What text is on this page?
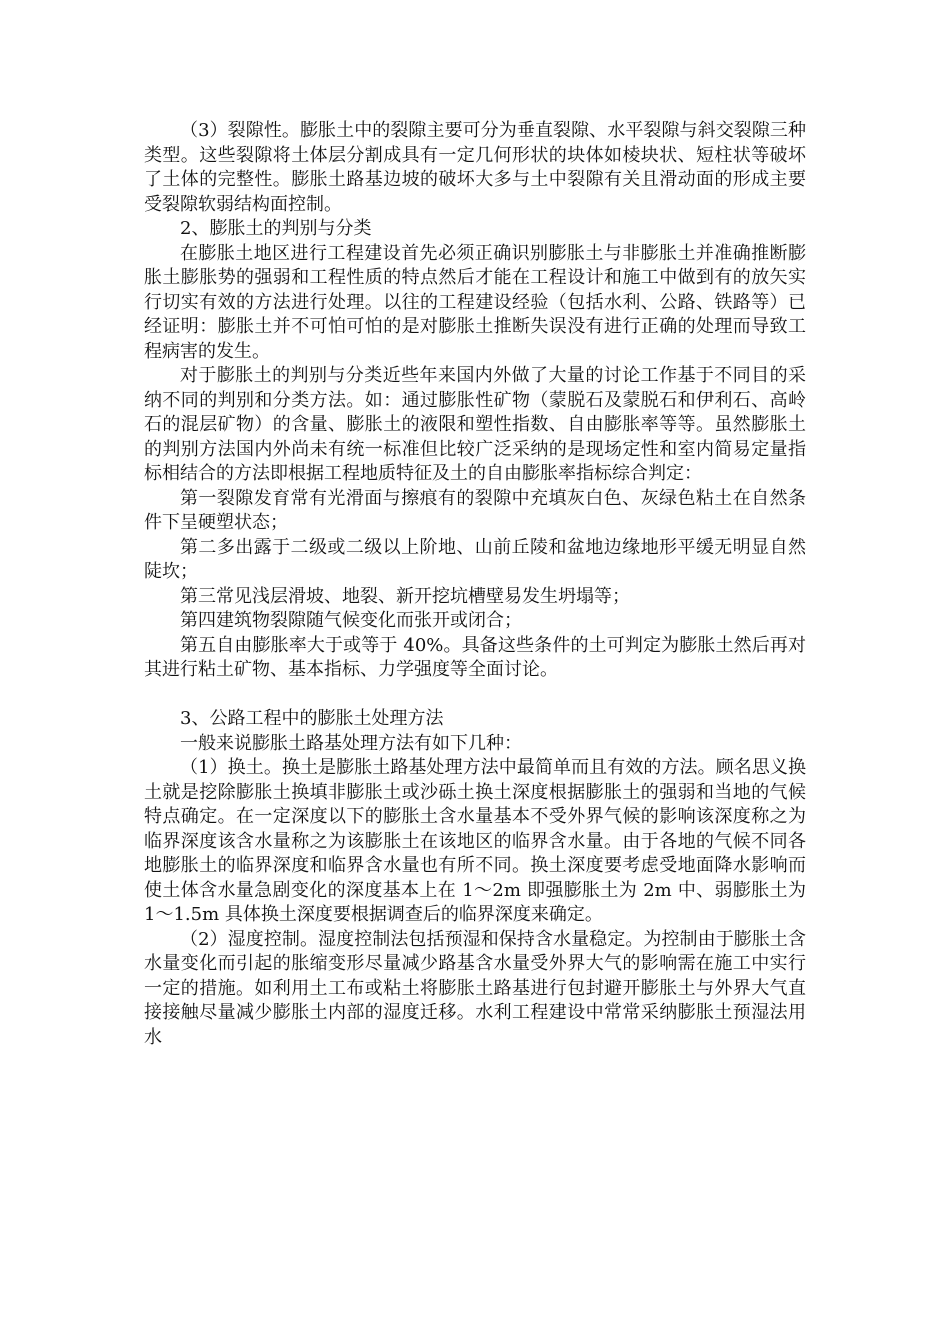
（3）裂隙性。膨胀土中的裂隙主要可分为垂直裂隙、水平裂隙与斜交裂隙三种类型。这些裂隙将土体层分割成具有一定几何形状的块体如棱块状、短柱状等破坏了土体的完整性。膨胀土路基边坡的破坏大多与土中裂隙有关且滑动面的形成主要受裂隙软弱结构面控制。

2、膨胀土的判别与分类

在膨胀土地区进行工程建设首先必须正确识别膨胀土与非膨胀土并准确推断膨胀土膨胀势的强弱和工程性质的特点然后才能在工程设计和施工中做到有的放矢实行切实有效的方法进行处理。以往的工程建设经验（包括水利、公路、铁路等）已经证明：膨胀土并不可怕可怕的是对膨胀土推断失误没有进行正确的处理而导致工程病害的发生。

对于膨胀土的判别与分类近些年来国内外做了大量的讨论工作基于不同目的采纳不同的判别和分类方法。如：通过膨胀性矿物（蒙脱石及蒙脱石和伊利石、高岭石的混层矿物）的含量、膨胀土的液限和塑性指数、自由膨胀率等等。虽然膨胀土的判别方法国内外尚未有统一标准但比较广泛采纳的是现场定性和室内简易定量指标相结合的方法即根据工程地质特征及土的自由膨胀率指标综合判定：

第一裂隙发育常有光滑面与擦痕有的裂隙中充填灰白色、灰绿色粘土在自然条件下呈硬塑状态；

第二多出露于二级或二级以上阶地、山前丘陵和盆地边缘地形平缓无明显自然陡坎；

第三常见浅层滑坡、地裂、新开挖坑槽壁易发生坍塌等；

第四建筑物裂隙随气候变化而张开或闭合；

第五自由膨胀率大于或等于 40%。具备这些条件的土可判定为膨胀土然后再对其进行粘土矿物、基本指标、力学强度等全面讨论。

3、公路工程中的膨胀土处理方法

一般来说膨胀土路基处理方法有如下几种：

（1）换土。换土是膨胀土路基处理方法中最简单而且有效的方法。顾名思义换土就是挖除膨胀土换填非膨胀土或沙砾土换土深度根据膨胀土的强弱和当地的气候特点确定。在一定深度以下的膨胀土含水量基本不受外界气候的影响该深度称之为临界深度该含水量称之为该膨胀土在该地区的临界含水量。由于各地的气候不同各地膨胀土的临界深度和临界含水量也有所不同。换土深度要考虑受地面降水影响而使土体含水量急剧变化的深度基本上在 1～2m 即强膨胀土为 2m 中、弱膨胀土为 1～1.5m 具体换土深度要根据调查后的临界深度来确定。

（2）湿度控制。湿度控制法包括预湿和保持含水量稳定。为控制由于膨胀土含水量变化而引起的胀缩变形尽量减少路基含水量受外界大气的影响需在施工中实行一定的措施。如利用土工布或粘土将膨胀土路基进行包封避开膨胀土与外界大气直接接触尽量减少膨胀土内部的湿度迁移。水利工程建设中常常采纳膨胀土预湿法用水
